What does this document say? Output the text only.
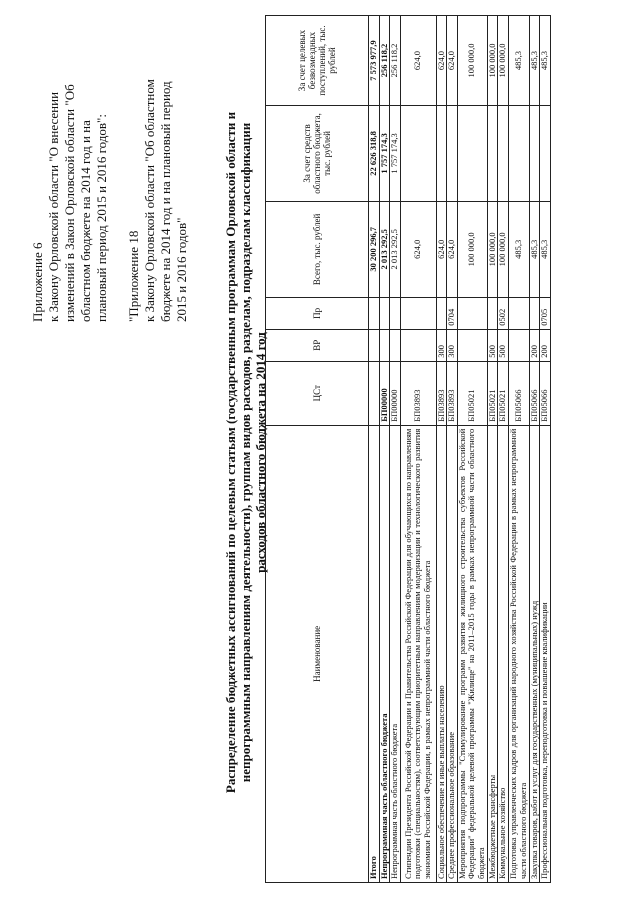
Приложение 6 к Закону Орловской области "О внесении изменений в Закон Орловской области "Об областном бюджете на 2014 год и на плановый период 2015 и 2016 годов": "Приложение 18 к Закону Орловской области "Об областном бюджете на 2014 год и на плановый период 2015 и 2016 годов"	Распределение бюджетных ассигнований по целевым статьям (государственным программам Орловской области и непрограммным направлениям деятельности), группам видов расходов, разделам, подразделам классификации расходов областного бюджета на 2014 год
Наименование	ЦСт	ВР	Пр	Всего, тыс. рублей	За счет средств областного бюджета, тыс. рублей	За счет целевых безвозмездных поступлений, тыс. рублей
Итого				30 200 296,7	22 626 318,8	7 573 977,9
Непрограммная часть областного бюджета	БП00000			2 013 292,5	1 757 174,3	256 118,2
Непрограммная часть областного бюджета	БП00000			2 013 292,5	1 757 174,3	256 118,2
Стипендии Президента Российской Федерации и Правительства Российской Федерации для обучающихся по направлениям подготовки (специальностям), соответствующим приоритетным направлениям модернизации и технологического развития экономики Российской Федерации, в рамках непрограммной части областного бюджета	БП03893			624,0		624,0
Социальное обеспечение и иные выплаты населению	БП03893	300		624,0		624,0
Среднее профессиональное образование	БП03893	300	0704	624,0		624,0
Мероприятия подпрограммы "Стимулирование программ развития жилищного строительства субъектов Российской Федерации" федеральной целевой программы "Жилище" на 2011–2015 годы в рамках непрограммной части областного бюджета	БП05021			100 000,0		100 000,0
Межбюджетные трансферты	БП05021	500		100 000,0		100 000,0
Коммунальное хозяйство	БП05021	500	0502	100 000,0		100 000,0
Подготовка управленческих кадров для организаций народного хозяйства Российской Федерации в рамках непрограммной части областного бюджета	БП05066			485,3		485,3
Закупка товаров, работ и услуг для государственных (муниципальных) нужд	БП05066	200		485,3		485,3
Профессиональная подготовка, переподготовка и повышение квалификации	БП05066	200	0705	485,3		485,3
